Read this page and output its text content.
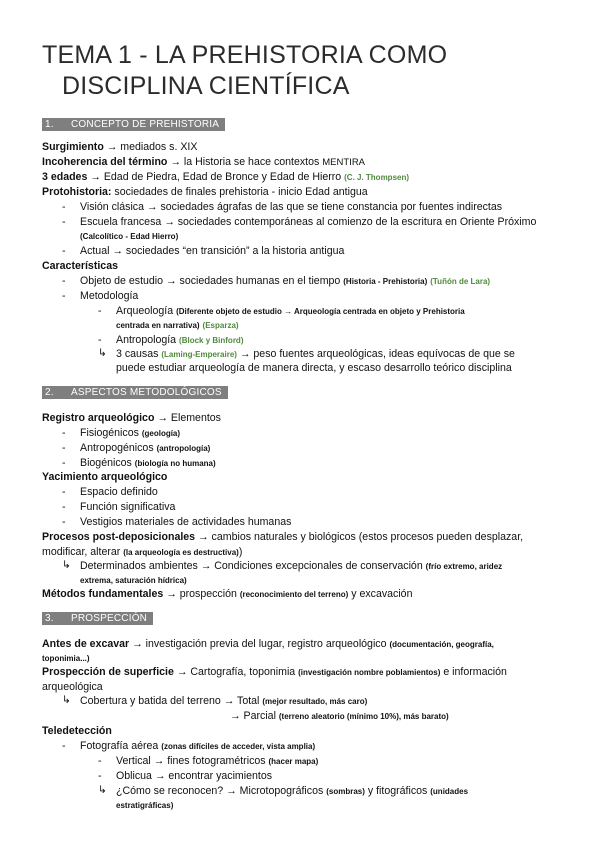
TEMA 1 - LA PREHISTORIA COMO
DISCIPLINA CIENTÍFICA
1. CONCEPTO DE PREHISTORIA
Surgimiento → mediados s. XIX
Incoherencia del término → la Historia se hace contextos MENTIRA
3 edades → Edad de Piedra, Edad de Bronce y Edad de Hierro (C. J. Thompsen)
Protohistoria: sociedades de finales prehistoria - inicio Edad antigua
- Visión clásica → sociedades ágrafas de las que se tiene constancia por fuentes indirectas
- Escuela francesa → sociedades contemporáneas al comienzo de la escritura en Oriente Próximo
(Calcolítico - Edad Hierro)
- Actual → sociedades “en transición” a la historia antigua
Características
- Objeto de estudio → sociedades humanas en el tiempo (Historia - Prehistoria) (Tuñón de Lara)
- Metodología
- Arqueología (Diferente objeto de estudio → Arqueología centrada en objeto y Prehistoria
centrada en narrativa) (Esparza)
- Antropología (Block y Binford)
↳ 3 causas (Laming-Emperaire) → peso fuentes arqueológicas, ideas equívocas de que se
puede estudiar arqueología de manera directa, y escaso desarrollo teórico disciplina
2. ASPECTOS METODOLÓGICOS
Registro arqueológico → Elementos
- Fisiogénicos (geología)
- Antropogénicos (antropología)
- Biogénicos (biología no humana)
Yacimiento arqueológico
- Espacio definido
- Función significativa
- Vestigios materiales de actividades humanas
Procesos post-deposicionales → cambios naturales y biológicos (estos procesos pueden desplazar,
modificar, alterar (la arqueología es destructiva))
↳ Determinados ambientes → Condiciones excepcionales de conservación (frío extremo, aridez
extrema, saturación hídrica)
Métodos fundamentales → prospección (reconocimiento del terreno) y excavación
3. PROSPECCIÓN
Antes de excavar → investigación previa del lugar, registro arqueológico (documentación, geografía,
toponimia...)
Prospección de superficie → Cartografía, toponimia (investigación nombre poblamientos) e información
arqueológica
↳ Cobertura y batida del terreno → Total (mejor resultado, más caro)
→ Parcial (terreno aleatorio (mínimo 10%), más barato)
Teledetección
- Fotografía aérea (zonas difíciles de acceder, vista amplia)
- Vertical → fines fotogramétricos (hacer mapa)
- Oblicua → encontrar yacimientos
↳ ¿Cómo se reconocen? → Microtopográficos (sombras) y fitográficos (unidades
estratigráficas)
